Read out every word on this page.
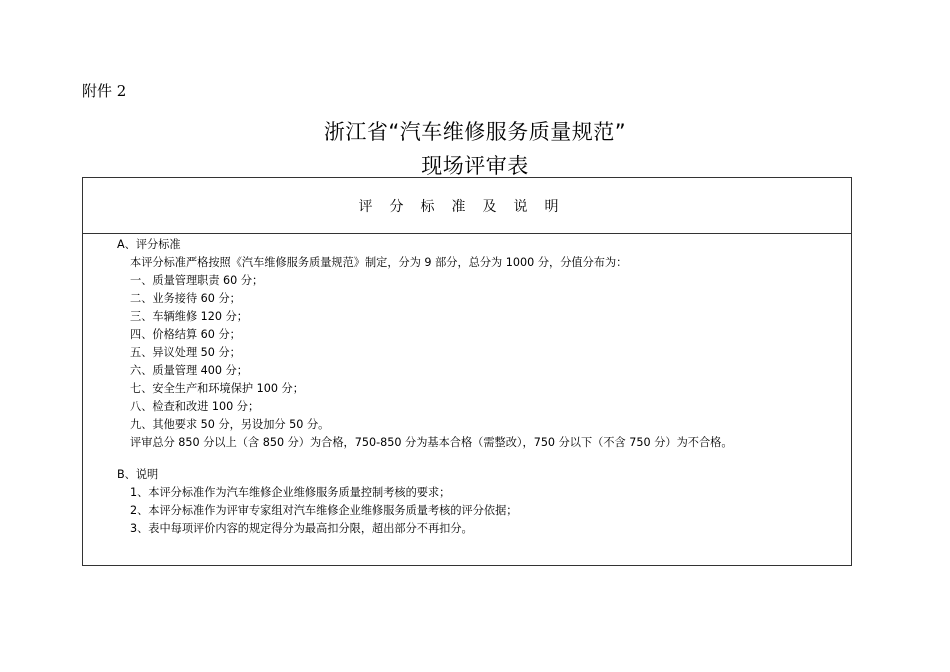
附件 2
浙江省“汽车维修服务质量规范”
现场评审表
评分标准及说明
A、评分标准
本评分标准严格按照《汽车维修服务质量规范》制定，分为 9 部分，总分为 1000 分，分值分布为：
一、质量管理职责 60 分；
二、业务接待 60 分；
三、车辆维修 120 分；
四、价格结算 60 分；
五、异议处理 50 分；
六、质量管理 400 分；
七、安全生产和环境保护 100 分；
八、检查和改进 100 分；
九、其他要求 50 分，另设加分 50 分。
评审总分 850 分以上（含 850 分）为合格，750-850 分为基本合格（需整改），750 分以下（不含 750 分）为不合格。
B、说明
1、本评分标准作为汽车维修企业维修服务质量控制考核的要求；
2、本评分标准作为评审专家组对汽车维修企业维修服务质量考核的评分依据；
3、表中每项评价内容的规定得分为最高扣分限，超出部分不再扣分。
